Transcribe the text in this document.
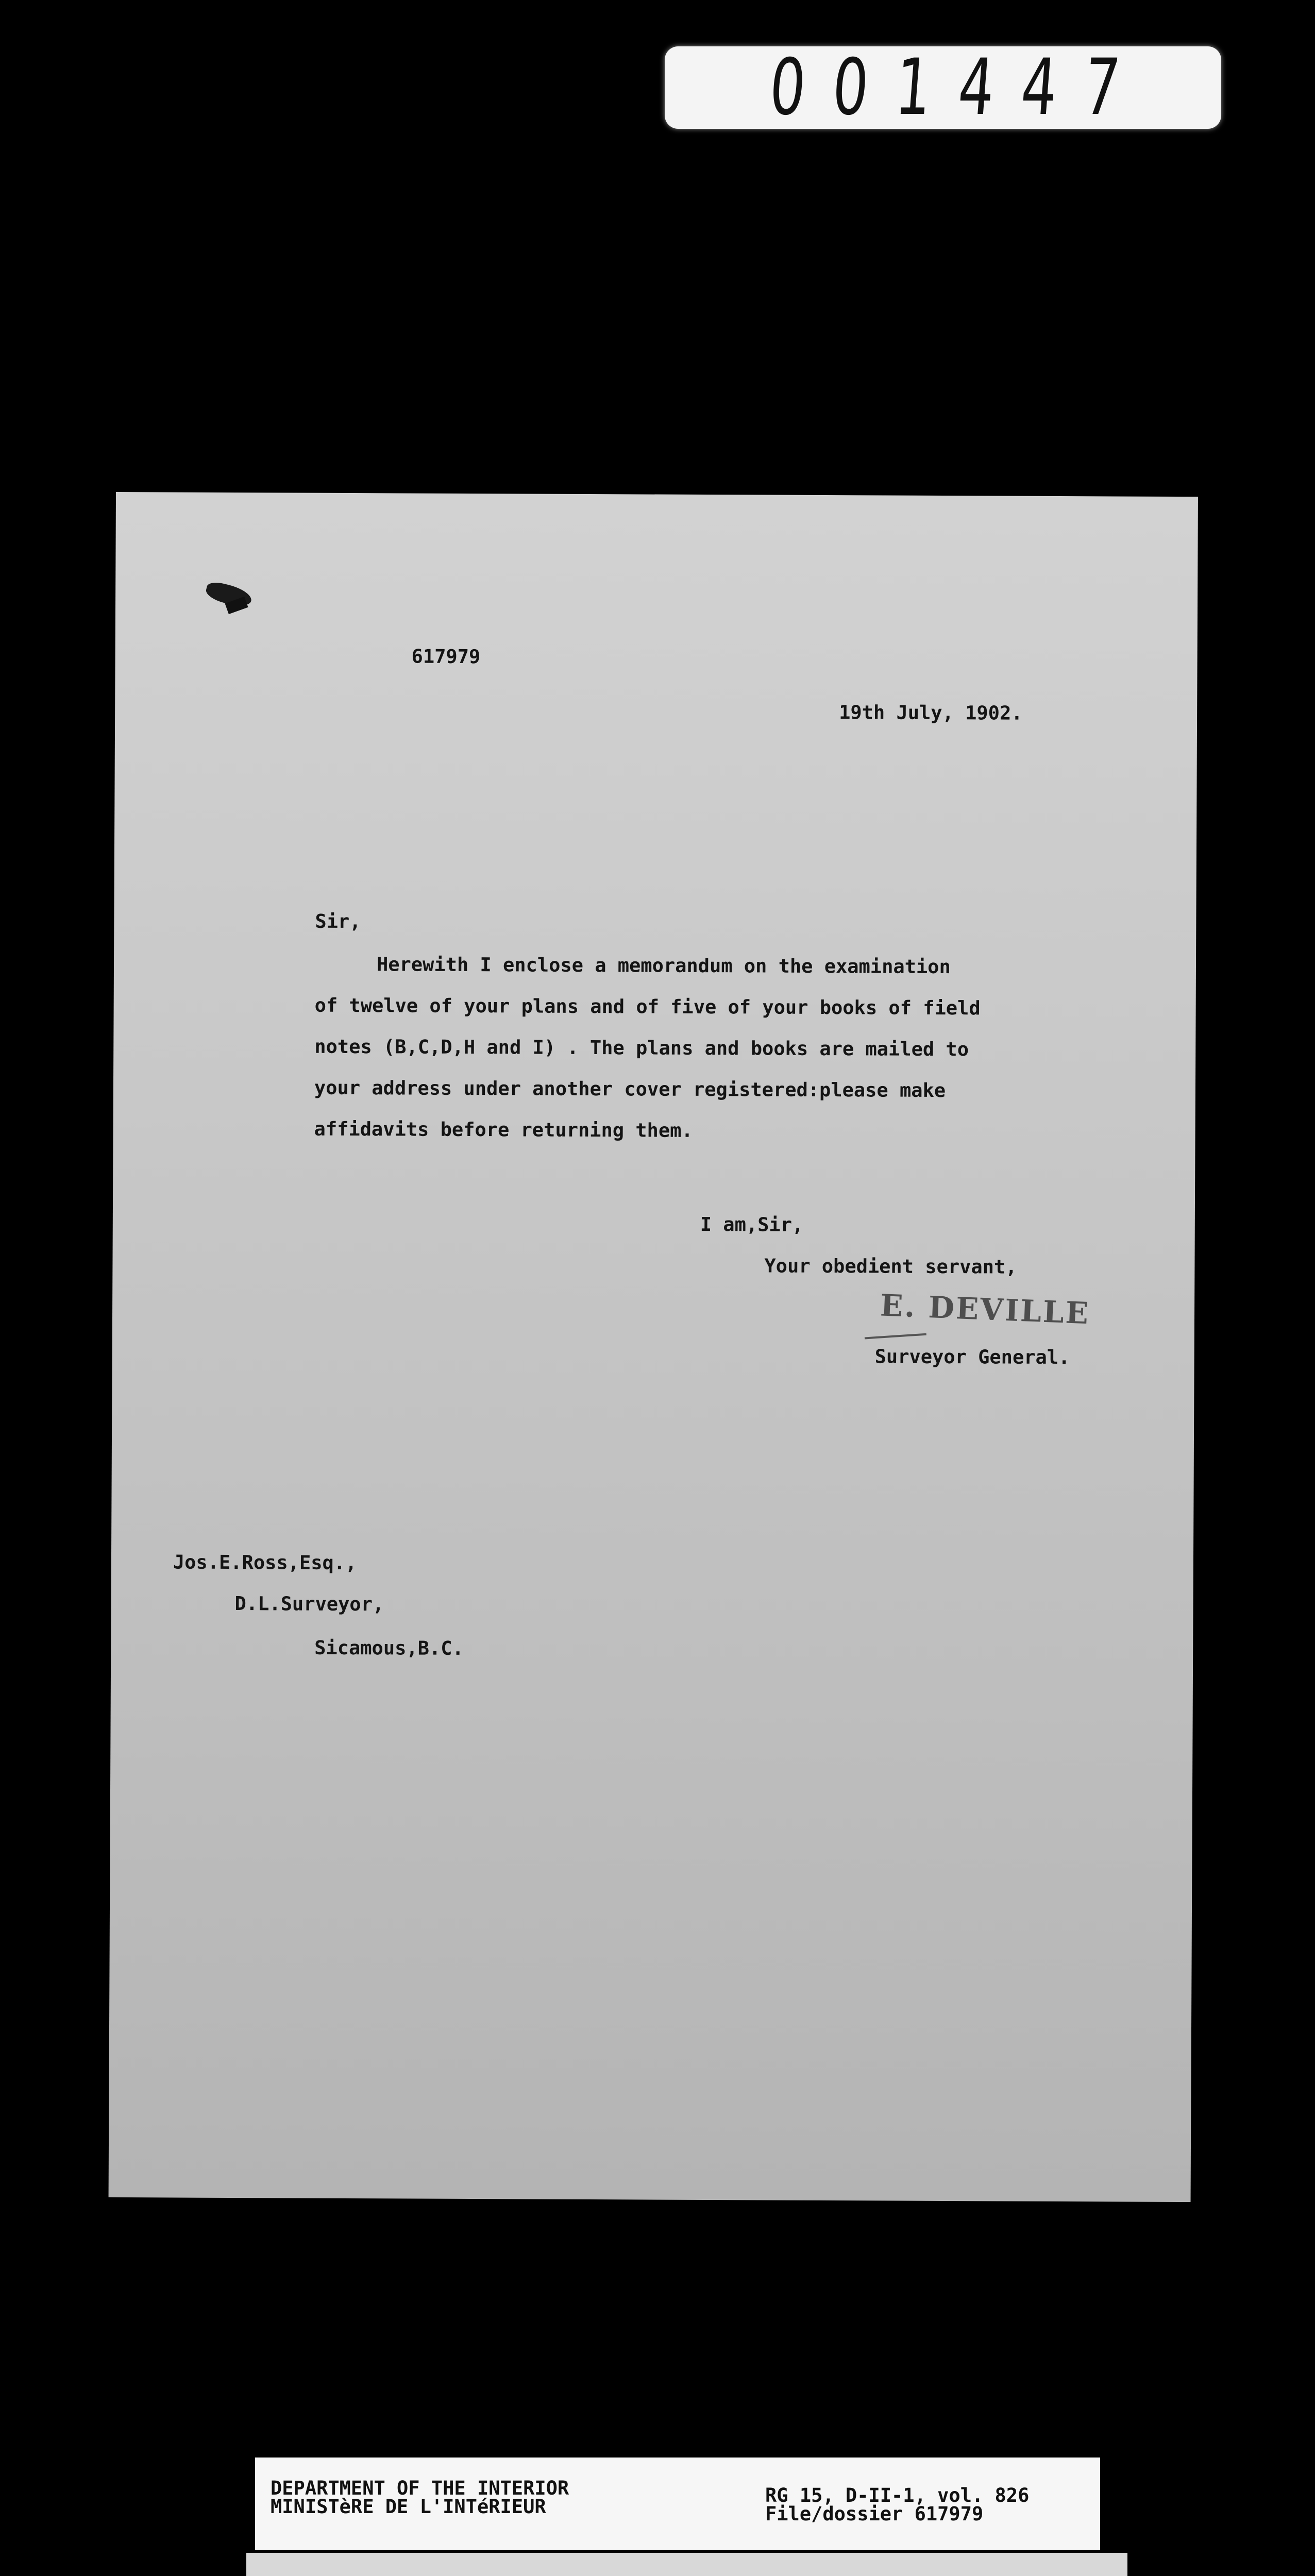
001447
617979
19th July, 1902.
Sir,
Herewith I enclose a memorandum on the examination
of twelve of your plans and of five of your books of field
notes (B,C,D,H and I) . The plans and books are mailed to
your address under another cover registered:please make
affidavits before returning them.
I am,Sir,
Your obedient servant,
E. DEVILLE
Surveyor General.
Jos.E.Ross,Esq.,
D.L.Surveyor,
Sicamous,B.C.
DEPARTMENT OF THE INTERIOR
MINISTèRE DE L'INTéRIEUR
RG 15, D-II-1, vol. 826
File/dossier 617979
